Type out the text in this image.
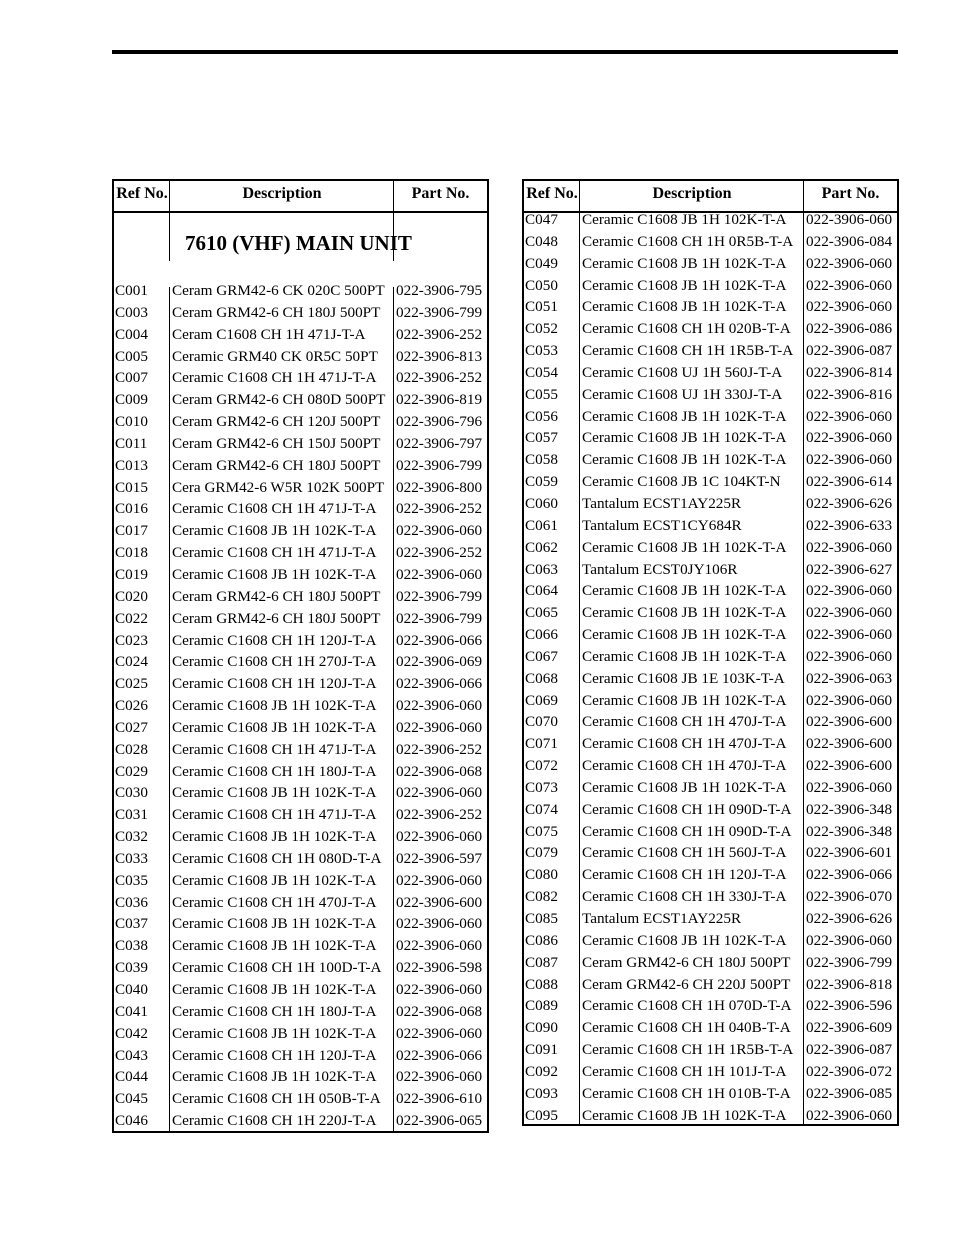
Ref No.	Description	Part No.
7610 (VHF) MAIN UNIT
C001	Ceram GRM42-6 CK 020C 500PT 022-3906-795
C003	Ceram GRM42-6 CH 180J 500PT	022-3906-799
C004	Ceram C1608 CH 1H 471J-T-A	022-3906-252
C005	Ceramic GRM40 CK 0R5C 50PT	022-3906-813
C007	Ceramic C1608 CH 1H 471J-T-A	022-3906-252
C009	Ceram GRM42-6 CH 080D 500PT 022-3906-819
C010	Ceram GRM42-6 CH 120J 500PT	022-3906-796
C011	Ceram GRM42-6 CH 150J 500PT	022-3906-797
C013	Ceram GRM42-6 CH 180J 500PT	022-3906-799
C015	Cera GRM42-6 W5R 102K 500PT 022-3906-800
C016	Ceramic C1608 CH 1H 471J-T-A	022-3906-252
C017	Ceramic C1608 JB 1H 102K-T-A	022-3906-060
C018	Ceramic C1608 CH 1H 471J-T-A	022-3906-252
C019	Ceramic C1608 JB 1H 102K-T-A	022-3906-060
C020	Ceram GRM42-6 CH 180J 500PT	022-3906-799
C022	Ceram GRM42-6 CH 180J 500PT	022-3906-799
C023	Ceramic C1608 CH 1H 120J-T-A	022-3906-066
C024	Ceramic C1608 CH 1H 270J-T-A	022-3906-069
C025	Ceramic C1608 CH 1H 120J-T-A	022-3906-066
C026	Ceramic C1608 JB 1H 102K-T-A	022-3906-060
C027	Ceramic C1608 JB 1H 102K-T-A	022-3906-060
C028	Ceramic C1608 CH 1H 471J-T-A	022-3906-252
C029	Ceramic C1608 CH 1H 180J-T-A	022-3906-068
C030	Ceramic C1608 JB 1H 102K-T-A	022-3906-060
C031	Ceramic C1608 CH 1H 471J-T-A	022-3906-252
C032	Ceramic C1608 JB 1H 102K-T-A	022-3906-060
C033	Ceramic C1608 CH 1H 080D-T-A 022-3906-597
C035	Ceramic C1608 JB 1H 102K-T-A	022-3906-060
C036	Ceramic C1608 CH 1H 470J-T-A	022-3906-600
C037	Ceramic C1608 JB 1H 102K-T-A	022-3906-060
C038	Ceramic C1608 JB 1H 102K-T-A	022-3906-060
C039	Ceramic C1608 CH 1H 100D-T-A 022-3906-598
C040	Ceramic C1608 JB 1H 102K-T-A	022-3906-060
C041	Ceramic C1608 CH 1H 180J-T-A	022-3906-068
C042	Ceramic C1608 JB 1H 102K-T-A	022-3906-060
C043	Ceramic C1608 CH 1H 120J-T-A	022-3906-066
C044	Ceramic C1608 JB 1H 102K-T-A	022-3906-060
C045	Ceramic C1608 CH 1H 050B-T-A	022-3906-610
C046	Ceramic C1608 CH 1H 220J-T-A	022-3906-065
Ref No.	Description	Part No.
C047	Ceramic C1608 JB 1H 102K-T-A	022-3906-060
C048	Ceramic C1608 CH 1H 0R5B-T-A 022-3906-084
C049	Ceramic C1608 JB 1H 102K-T-A	022-3906-060
C050	Ceramic C1608 JB 1H 102K-T-A	022-3906-060
C051	Ceramic C1608 JB 1H 102K-T-A	022-3906-060
C052	Ceramic C1608 CH 1H 020B-T-A	022-3906-086
C053	Ceramic C1608 CH 1H 1R5B-T-A 022-3906-087
C054	Ceramic C1608 UJ 1H 560J-T-A	022-3906-814
C055	Ceramic C1608 UJ 1H 330J-T-A	022-3906-816
C056	Ceramic C1608 JB 1H 102K-T-A	022-3906-060
C057	Ceramic C1608 JB 1H 102K-T-A	022-3906-060
C058	Ceramic C1608 JB 1H 102K-T-A	022-3906-060
C059	Ceramic C1608 JB 1C 104KT-N	022-3906-614
C060	Tantalum ECST1AY225R	022-3906-626
C061	Tantalum ECST1CY684R	022-3906-633
C062	Ceramic C1608 JB 1H 102K-T-A	022-3906-060
C063	Tantalum ECST0JY106R	022-3906-627
C064	Ceramic C1608 JB 1H 102K-T-A	022-3906-060
C065	Ceramic C1608 JB 1H 102K-T-A	022-3906-060
C066	Ceramic C1608 JB 1H 102K-T-A	022-3906-060
C067	Ceramic C1608 JB 1H 102K-T-A	022-3906-060
C068	Ceramic C1608 JB 1E 103K-T-A	022-3906-063
C069	Ceramic C1608 JB 1H 102K-T-A	022-3906-060
C070	Ceramic C1608 CH 1H 470J-T-A	022-3906-600
C071	Ceramic C1608 CH 1H 470J-T-A	022-3906-600
C072	Ceramic C1608 CH 1H 470J-T-A	022-3906-600
C073	Ceramic C1608 JB 1H 102K-T-A	022-3906-060
C074	Ceramic C1608 CH 1H 090D-T-A 022-3906-348
C075	Ceramic C1608 CH 1H 090D-T-A 022-3906-348
C079	Ceramic C1608 CH 1H 560J-T-A	022-3906-601
C080	Ceramic C1608 CH 1H 120J-T-A	022-3906-066
C082	Ceramic C1608 CH 1H 330J-T-A	022-3906-070
C085	Tantalum ECST1AY225R	022-3906-626
C086	Ceramic C1608 JB 1H 102K-T-A	022-3906-060
C087	Ceram GRM42-6 CH 180J 500PT	022-3906-799
C088	Ceram GRM42-6 CH 220J 500PT	022-3906-818
C089	Ceramic C1608 CH 1H 070D-T-A 022-3906-596
C090	Ceramic C1608 CH 1H 040B-T-A	022-3906-609
C091	Ceramic C1608 CH 1H 1R5B-T-A 022-3906-087
C092	Ceramic C1608 CH 1H 101J-T-A	022-3906-072
C093	Ceramic C1608 CH 1H 010B-T-A	022-3906-085
C095	Ceramic C1608 JB 1H 102K-T-A	022-3906-060
